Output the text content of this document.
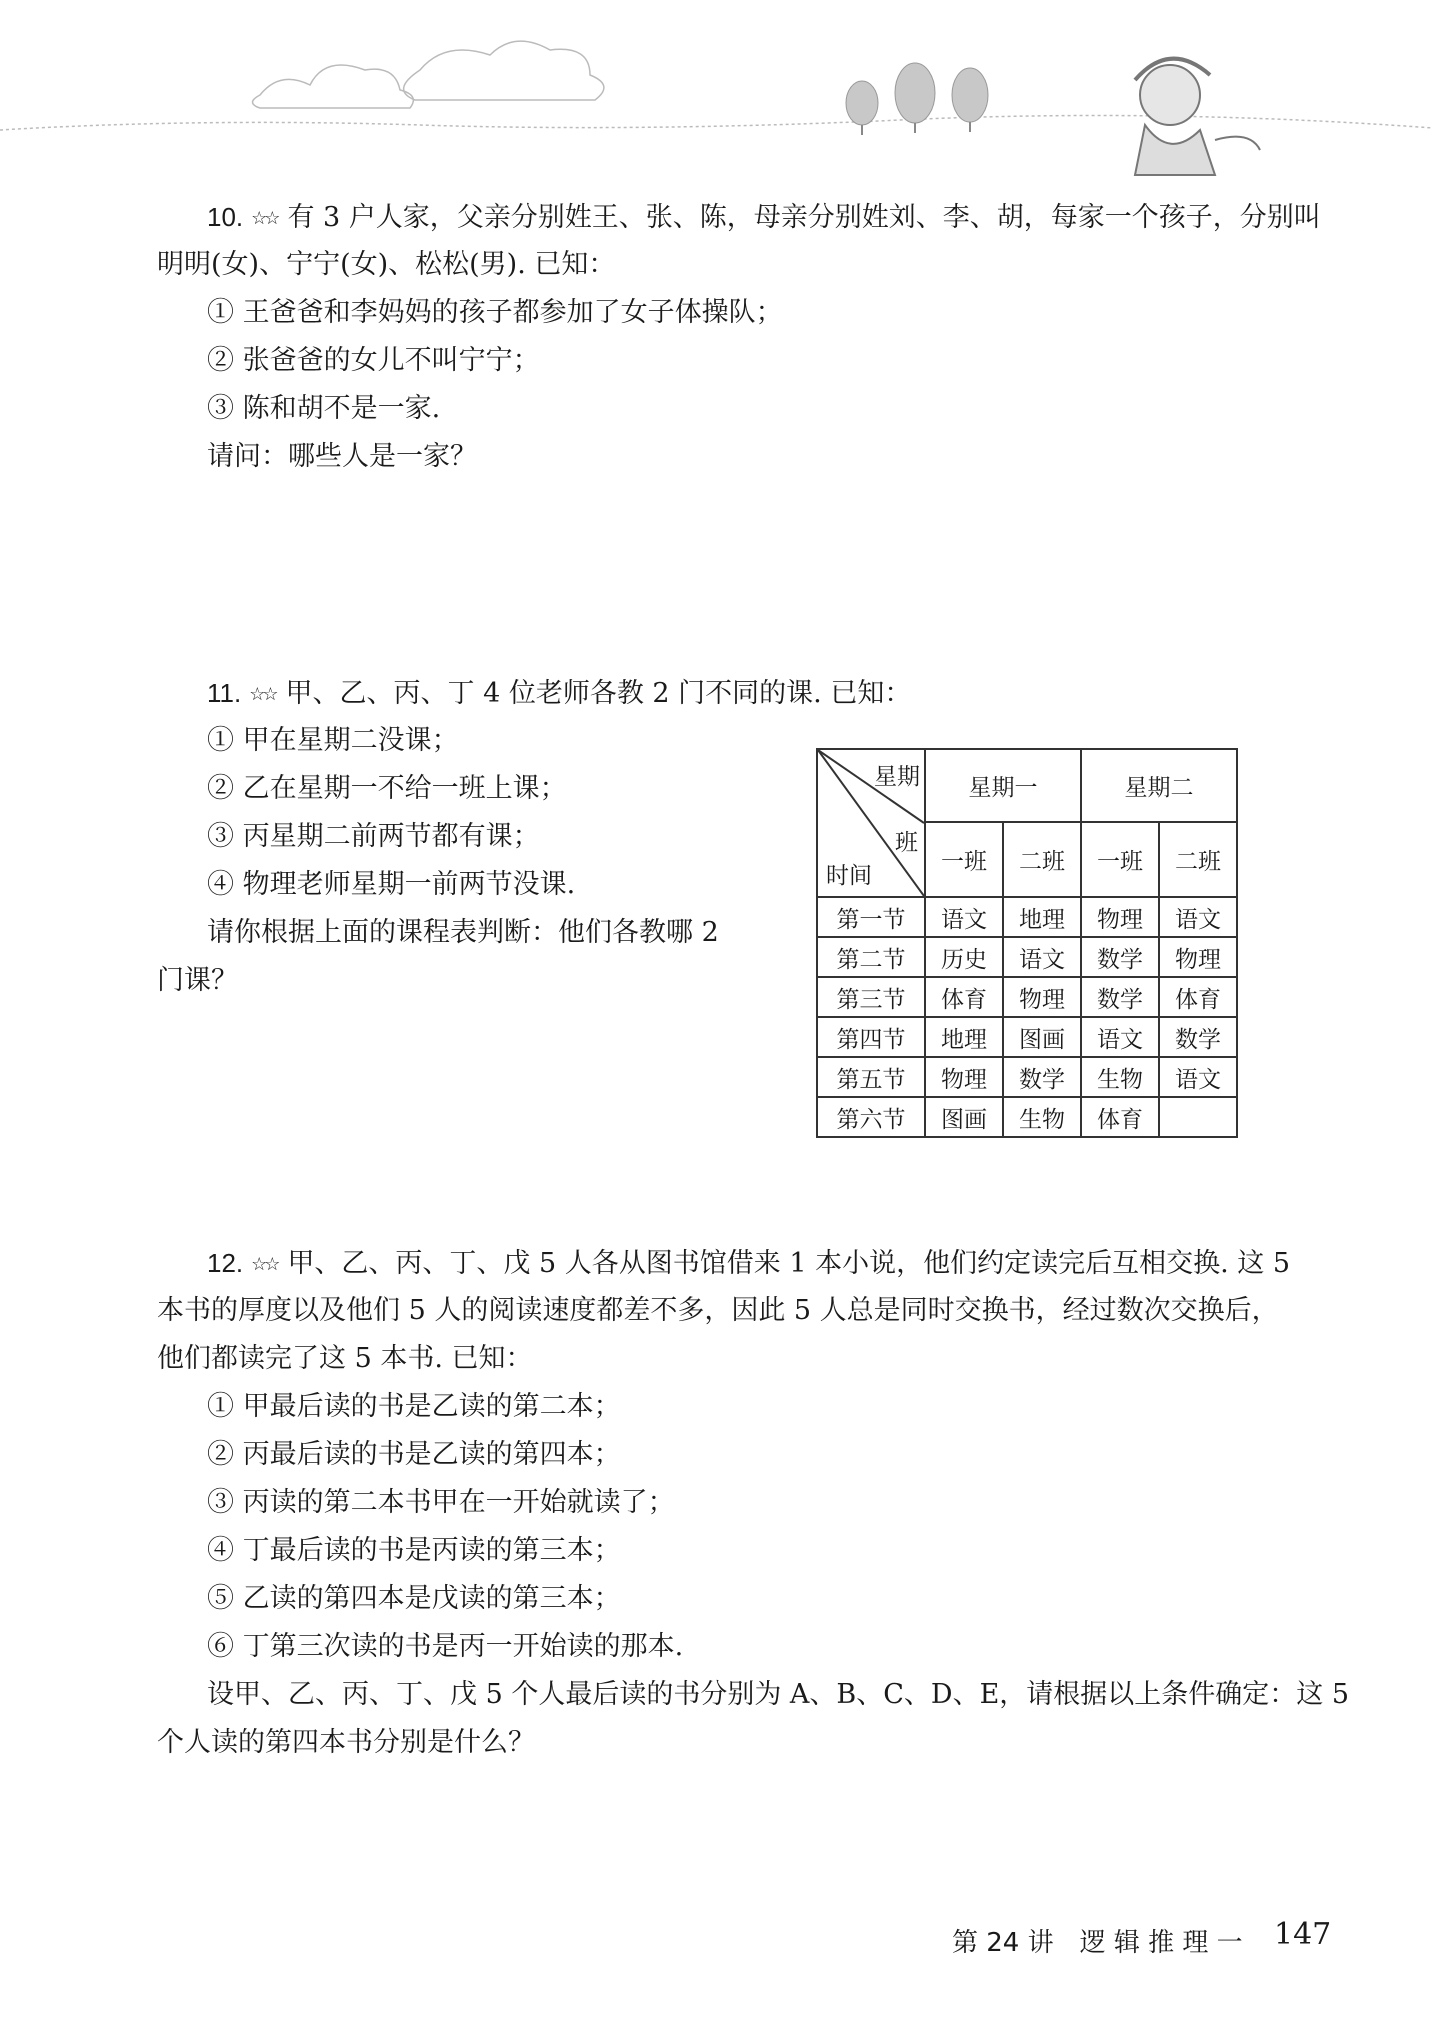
10. ☆☆ 有 3 户人家，父亲分别姓王、张、陈，母亲分别姓刘、李、胡，每家一个孩子，分别叫
明明(女)、宁宁(女)、松松(男). 已知：
① 王爸爸和李妈妈的孩子都参加了女子体操队；
② 张爸爸的女儿不叫宁宁；
③ 陈和胡不是一家.
请问：哪些人是一家？
11. ☆☆ 甲、乙、丙、丁 4 位老师各教 2 门不同的课. 已知：
① 甲在星期二没课；
② 乙在星期一不给一班上课；
③ 丙星期二前两节都有课；
④ 物理老师星期一前两节没课.
请你根据上面的课程表判断：他们各教哪 2
门课？
星期
班
时间	星期一		星期二	
	一班	二班	一班	二班
第一节	语文	地理	物理	语文
第二节	历史	语文	数学	物理
第三节	体育	物理	数学	体育
第四节	地理	图画	语文	数学
第五节	物理	数学	生物	语文
第六节	图画	生物	体育	
12. ☆☆ 甲、乙、丙、丁、戊 5 人各从图书馆借来 1 本小说，他们约定读完后互相交换. 这 5
本书的厚度以及他们 5 人的阅读速度都差不多，因此 5 人总是同时交换书，经过数次交换后，
他们都读完了这 5 本书. 已知：
① 甲最后读的书是乙读的第二本；
② 丙最后读的书是乙读的第四本；
③ 丙读的第二本书甲在一开始就读了；
④ 丁最后读的书是丙读的第三本；
⑤ 乙读的第四本是戊读的第三本；
⑥ 丁第三次读的书是丙一开始读的那本.
设甲、乙、丙、丁、戊 5 个人最后读的书分别为 A、B、C、D、E，请根据以上条件确定：这 5
个人读的第四本书分别是什么？
第 24 讲　逻 辑 推 理 一 147
